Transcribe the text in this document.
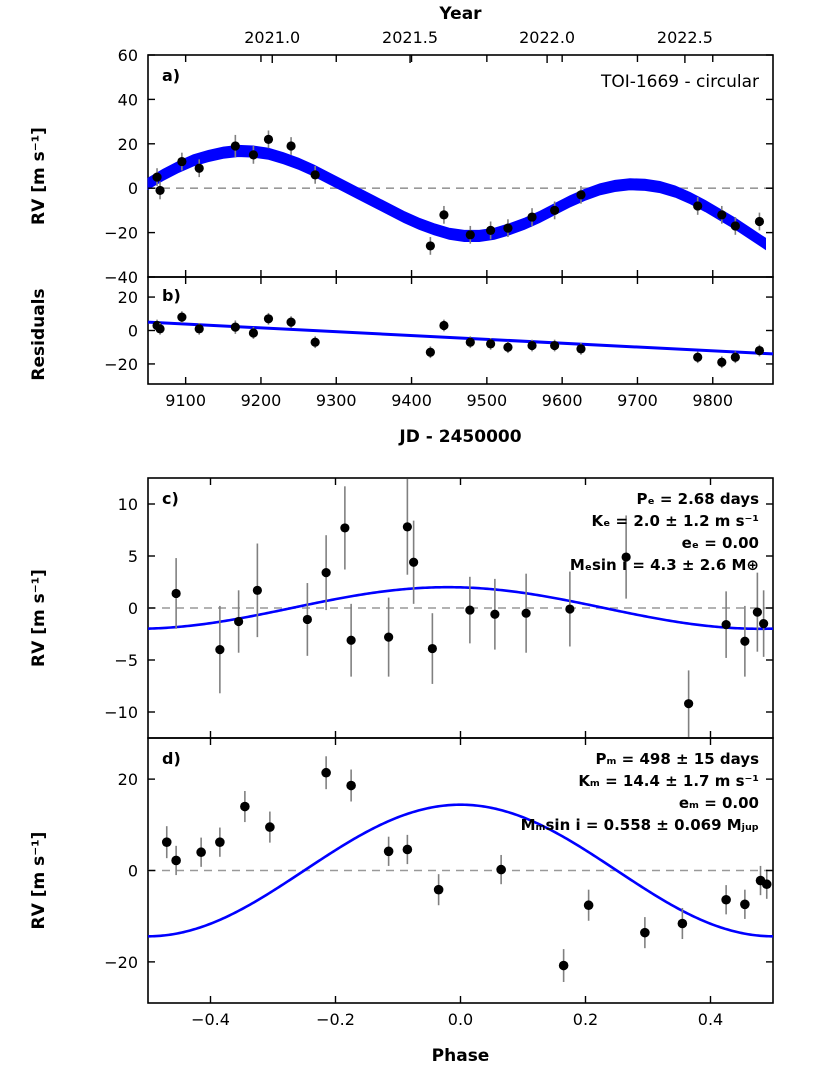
−40
−20
0
20
40
60
2021.0	2021.5	2022.0	2022.5
Year
a)	TOI-1669 - circular
RV [m s⁻¹]
9100 9200 9300 9400 9500 9600 9700 9800
−20
0
20 b)
Residuals
JD - 2450000
−10
−5
0
5
10 c)
RV [m s⁻¹]
Pₑ = 2.68 days
Kₑ = 2.0 ± 1.2 m s⁻¹
eₑ = 0.00
Mₑsin i = 4.3 ± 2.6 M⊕
−0.4	−0.2	0.0	0.2	0.4
−20
0
20
d)
RV [m s⁻¹]
Pₘ = 498 ± 15 days
Kₘ = 14.4 ± 1.7 m s⁻¹
eₘ = 0.00
Mₘsin i = 0.558 ± 0.069 Mⱼᵤₚ
Phase
